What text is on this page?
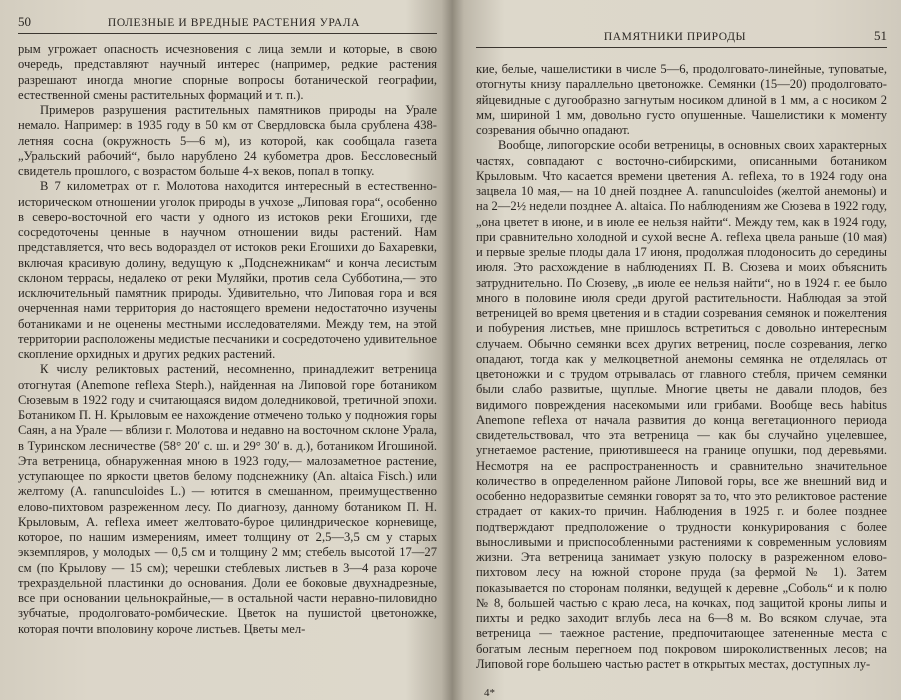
50	ПОЛЕЗНЫЕ И ВРЕДНЫЕ РАСТЕНИЯ УРАЛА

рым угрожает опасность исчезновения с лица земли и которые, в свою очередь, представляют научный интерес (например, редкие растения разрешают иногда многие спорные вопросы ботанической географии, естественной смены растительных формаций и т. п.).

Примеров разрушения растительных памятников природы на Урале немало. Например: в 1935 году в 50 км от Свердловска была срублена 438-летняя сосна (окружность 5—6 м), из которой, как сообщала газета „Уральский рабочий“, было нарублено 24 кубометра дров. Бессловесный свидетель прошлого, с возрастом больше 4-х веков, попал в топку.

В 7 километрах от г. Молотова находится интересный в естественно-историческом отношении уголок природы в учхозе „Липовая гора“, особенно в северо-восточной его части у одного из истоков реки Егошихи, где сосредоточены ценные в научном отношении виды растений. Нам представляется, что весь водораздел от истоков реки Егошихи до Бахаревки, включая красивую долину, ведущую к „Подснежникам“ и конча лесистым склоном террасы, недалеко от реки Муляйки, против села Субботина,— это исключительный памятник природы. Удивительно, что Липовая гора и вся очерченная нами территория до настоящего времени недостаточно изучены ботаниками и не оценены местными исследователями. Между тем, на этой территории расположены медистые песчаники и сосредоточено удивительное скопление орхидных и других редких растений.

К числу реликтовых растений, несомненно, принадлежит ветреница отогнутая (Anemone reflexa Steph.), найденная на Липовой горе ботаником Сюзевым в 1922 году и считающаяся видом доледниковой, третичной эпохи. Ботаником П. Н. Крыловым ее нахождение отмечено только у подножия горы Саян, а на Урале — вблизи г. Молотова и недавно на восточном склоне Урала, в Туринском лесничестве (58° 20′ с. ш. и 29° 30′ в. д.), ботаником Игошиной. Эта ветреница, обнаруженная мною в 1923 году,— малозаметное растение, уступающее по яркости цветов белому подснежнику (An. altaica Fisch.) или желтому (A. ranunculoides L.) — ютится в смешанном, преимущественно елово-пихтовом разреженном лесу. По диагнозу, данному ботаником П. Н. Крыловым, A. reflexa имеет желтовато-бурое цилиндрическое корневище, которое, по нашим измерениям, имеет толщину от 2,5—3,5 см у старых экземпляров, у молодых — 0,5 см и толщину 2 мм; стебель высотой 17—27 см (по Крылову — 15 см); черешки стеблевых листьев в 3—4 раза короче трехраздельной пластинки до основания. Доли ее боковые двухнадрезные, все при основании цельнокрайные,— в остальной части неравно-пиловидно зубчатые, продолговато-ромбические. Цветок на пушистой цветоножке, которая почти вполовину короче листьев. Цветы мел-

ПАМЯТНИКИ ПРИРОДЫ	51

кие, белые, чашелистики в числе 5—6, продолговато-линейные, туповатые, отогнуты книзу параллельно цветоножке. Семянки (15—20) продолговато-яйцевидные с дугообразно загнутым носиком длиной в 1 мм, а с носиком 2 мм, шириной 1 мм, довольно густо опушенные. Чашелистики к моменту созревания обычно опадают.

Вообще, липогорские особи ветреницы, в основных своих характерных частях, совпадают с восточно-сибирскими, описанными ботаником Крыловым. Что касается времени цветения A. reflexa, то в 1924 году она зацвела 10 мая,— на 10 дней позднее A. ranunculoides (желтой анемоны) и на 2—2½ недели позднее A. altaica. По наблюдениям же Сюзева в 1922 году, „она цветет в июне, и в июле ее нельзя найти“. Между тем, как в 1924 году, при сравнительно холодной и сухой весне A. reflexa цвела раньше (10 мая) и первые зрелые плоды дала 17 июня, продолжая плодоносить до середины июля. Это расхождение в наблюдениях П. В. Сюзева и моих объяснить затруднительно. По Сюзеву, „в июле ее нельзя найти“, но в 1924 г. ее было много в половине июля среди другой растительности. Наблюдая за этой ветреницей во время цветения и в стадии созревания семянок и пожелтения и побурения листьев, мне пришлось встретиться с довольно интересным случаем. Обычно семянки всех других ветрениц, после созревания, легко опадают, тогда как у мелкоцветной анемоны семянка не отделялась от цветоножки и с трудом отрывалась от главного стебля, причем семянки были слабо развитые, щуплые. Многие цветы не давали плодов, без видимого повреждения насекомыми или грибами. Вообще весь habitus Anemone reflexa от начала развития до конца вегетационного периода свидетельствовал, что эта ветреница — как бы случайно уцелевшее, угнетаемое растение, приютившееся на границе опушки, под деревьями. Несмотря на ее распространенность и сравнительно значительное количество в определенном районе Липовой горы, все же внешний вид и особенно недоразвитые семянки говорят за то, что это реликтовое растение страдает от каких-то причин. Наблюдения в 1925 г. и более позднее подтверждают предположение о трудности конкурирования с более выносливыми и приспособленными растениями к современным условиям жизни. Эта ветреница занимает узкую полоску в разреженном елово-пихтовом лесу на южной стороне пруда (за фермой № 1). Затем показывается по сторонам полянки, ведущей к деревне „Соболь“ и к полю № 8, большей частью с краю леса, на кочках, под защитой кроны липы и пихты и редко заходит вглубь леса на 6—8 м. Во всяком случае, эта ветреница — таежное растение, предпочитающее затененные места с богатым лесным перегноем под покровом широколиственных лесов; на Липовой горе большею частью растет в открытых местах, доступных лу-

4*
